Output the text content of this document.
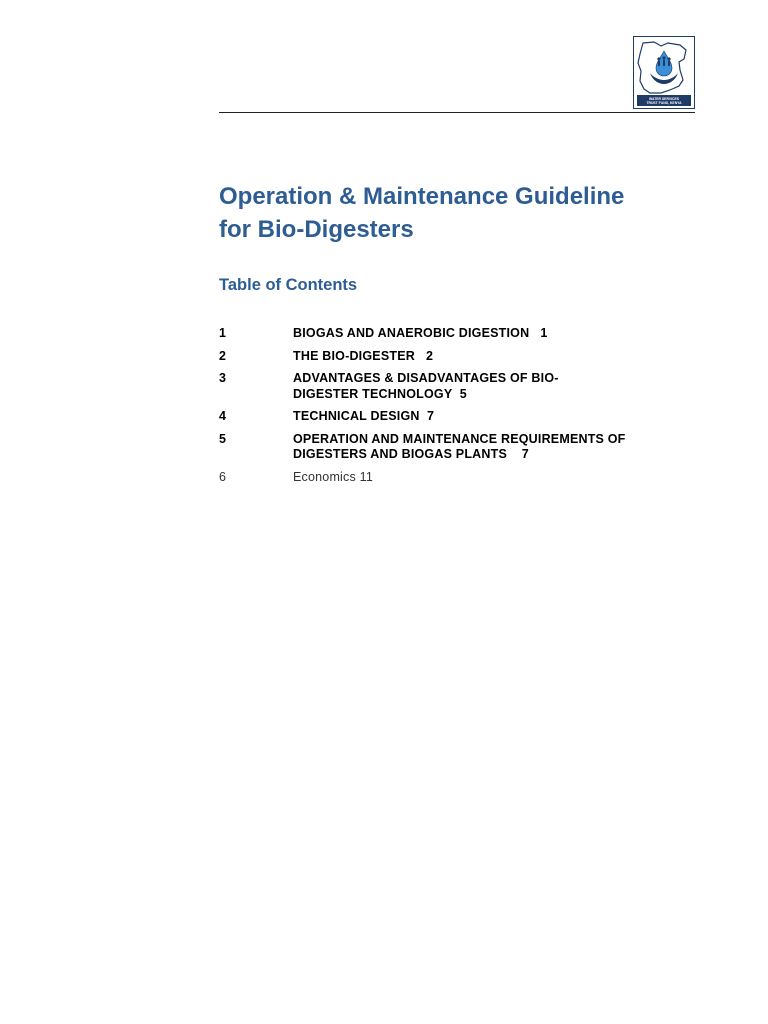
WATER SERVICES
TRUST FUND, KENYA
Operation & Maintenance Guideline
for Bio-Digesters
Table of Contents
1	BIOGAS AND ANAEROBIC DIGESTION 1
2	THE BIO-DIGESTER 2
3	ADVANTAGES & DISADVANTAGES OF BIO-DIGESTER TECHNOLOGY 5
4	TECHNICAL DESIGN 7
5	OPERATION AND MAINTENANCE REQUIREMENTS OF DIGESTERS AND BIOGAS PLANTS 7
6	Economics 11
